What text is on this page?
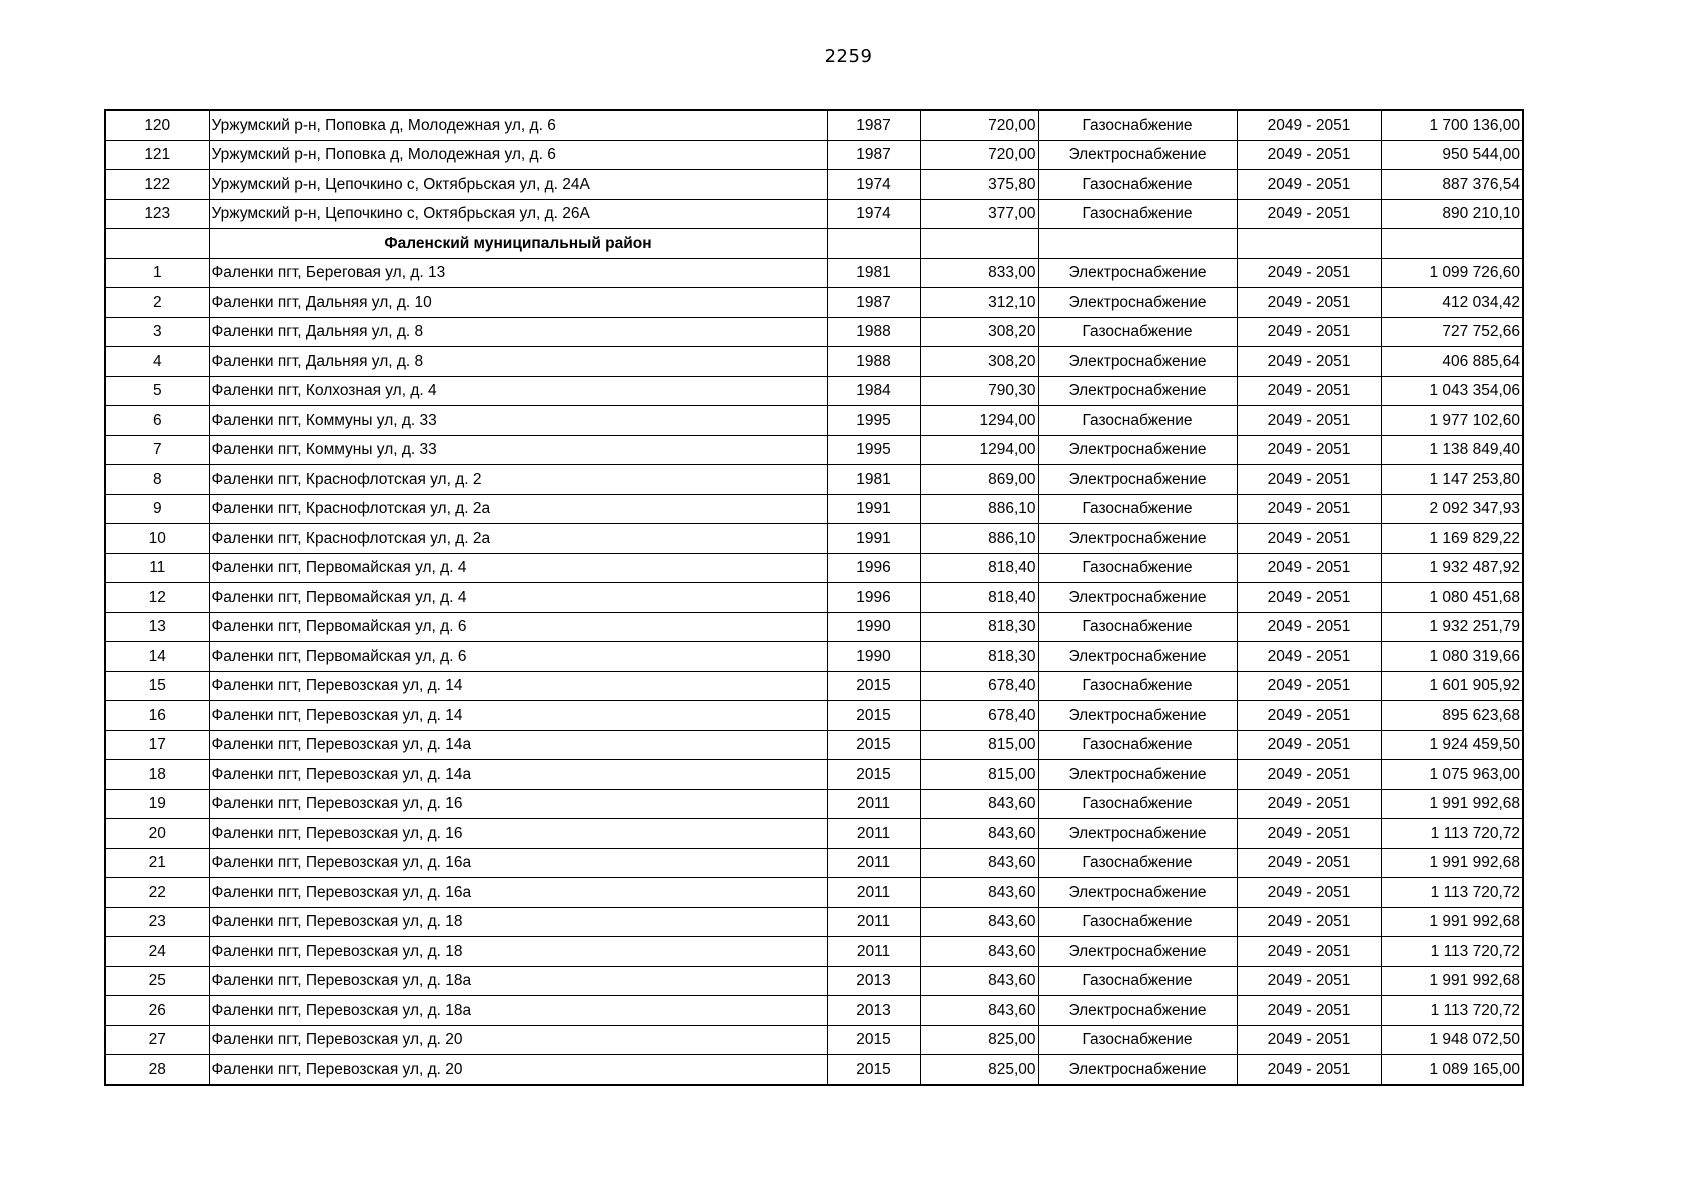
2259
120	Уржумский р-н, Поповка д, Молодежная ул, д. 6	1987	720,00	Газоснабжение	2049 - 2051	1 700 136,00
121	Уржумский р-н, Поповка д, Молодежная ул, д. 6	1987	720,00	Электроснабжение	2049 - 2051	950 544,00
122	Уржумский р-н, Цепочкино с, Октябрьская ул, д. 24А	1974	375,80	Газоснабжение	2049 - 2051	887 376,54
123	Уржумский р-н, Цепочкино с, Октябрьская ул, д. 26А	1974	377,00	Газоснабжение	2049 - 2051	890 210,10
	Фаленский муниципальный район					
1	Фаленки пгт, Береговая ул, д. 13	1981	833,00	Электроснабжение	2049 - 2051	1 099 726,60
2	Фаленки пгт, Дальняя ул, д. 10	1987	312,10	Электроснабжение	2049 - 2051	412 034,42
3	Фаленки пгт, Дальняя ул, д. 8	1988	308,20	Газоснабжение	2049 - 2051	727 752,66
4	Фаленки пгт, Дальняя ул, д. 8	1988	308,20	Электроснабжение	2049 - 2051	406 885,64
5	Фаленки пгт, Колхозная ул, д. 4	1984	790,30	Электроснабжение	2049 - 2051	1 043 354,06
6	Фаленки пгт, Коммуны ул, д. 33	1995	1294,00	Газоснабжение	2049 - 2051	1 977 102,60
7	Фаленки пгт, Коммуны ул, д. 33	1995	1294,00	Электроснабжение	2049 - 2051	1 138 849,40
8	Фаленки пгт, Краснофлотская ул, д. 2	1981	869,00	Электроснабжение	2049 - 2051	1 147 253,80
9	Фаленки пгт, Краснофлотская ул, д. 2а	1991	886,10	Газоснабжение	2049 - 2051	2 092 347,93
10	Фаленки пгт, Краснофлотская ул, д. 2а	1991	886,10	Электроснабжение	2049 - 2051	1 169 829,22
11	Фаленки пгт, Первомайская ул, д. 4	1996	818,40	Газоснабжение	2049 - 2051	1 932 487,92
12	Фаленки пгт, Первомайская ул, д. 4	1996	818,40	Электроснабжение	2049 - 2051	1 080 451,68
13	Фаленки пгт, Первомайская ул, д. 6	1990	818,30	Газоснабжение	2049 - 2051	1 932 251,79
14	Фаленки пгт, Первомайская ул, д. 6	1990	818,30	Электроснабжение	2049 - 2051	1 080 319,66
15	Фаленки пгт, Перевозская ул, д. 14	2015	678,40	Газоснабжение	2049 - 2051	1 601 905,92
16	Фаленки пгт, Перевозская ул, д. 14	2015	678,40	Электроснабжение	2049 - 2051	895 623,68
17	Фаленки пгт, Перевозская ул, д. 14а	2015	815,00	Газоснабжение	2049 - 2051	1 924 459,50
18	Фаленки пгт, Перевозская ул, д. 14а	2015	815,00	Электроснабжение	2049 - 2051	1 075 963,00
19	Фаленки пгт, Перевозская ул, д. 16	2011	843,60	Газоснабжение	2049 - 2051	1 991 992,68
20	Фаленки пгт, Перевозская ул, д. 16	2011	843,60	Электроснабжение	2049 - 2051	1 113 720,72
21	Фаленки пгт, Перевозская ул, д. 16а	2011	843,60	Газоснабжение	2049 - 2051	1 991 992,68
22	Фаленки пгт, Перевозская ул, д. 16а	2011	843,60	Электроснабжение	2049 - 2051	1 113 720,72
23	Фаленки пгт, Перевозская ул, д. 18	2011	843,60	Газоснабжение	2049 - 2051	1 991 992,68
24	Фаленки пгт, Перевозская ул, д. 18	2011	843,60	Электроснабжение	2049 - 2051	1 113 720,72
25	Фаленки пгт, Перевозская ул, д. 18а	2013	843,60	Газоснабжение	2049 - 2051	1 991 992,68
26	Фаленки пгт, Перевозская ул, д. 18а	2013	843,60	Электроснабжение	2049 - 2051	1 113 720,72
27	Фаленки пгт, Перевозская ул, д. 20	2015	825,00	Газоснабжение	2049 - 2051	1 948 072,50
28	Фаленки пгт, Перевозская ул, д. 20	2015	825,00	Электроснабжение	2049 - 2051	1 089 165,00
